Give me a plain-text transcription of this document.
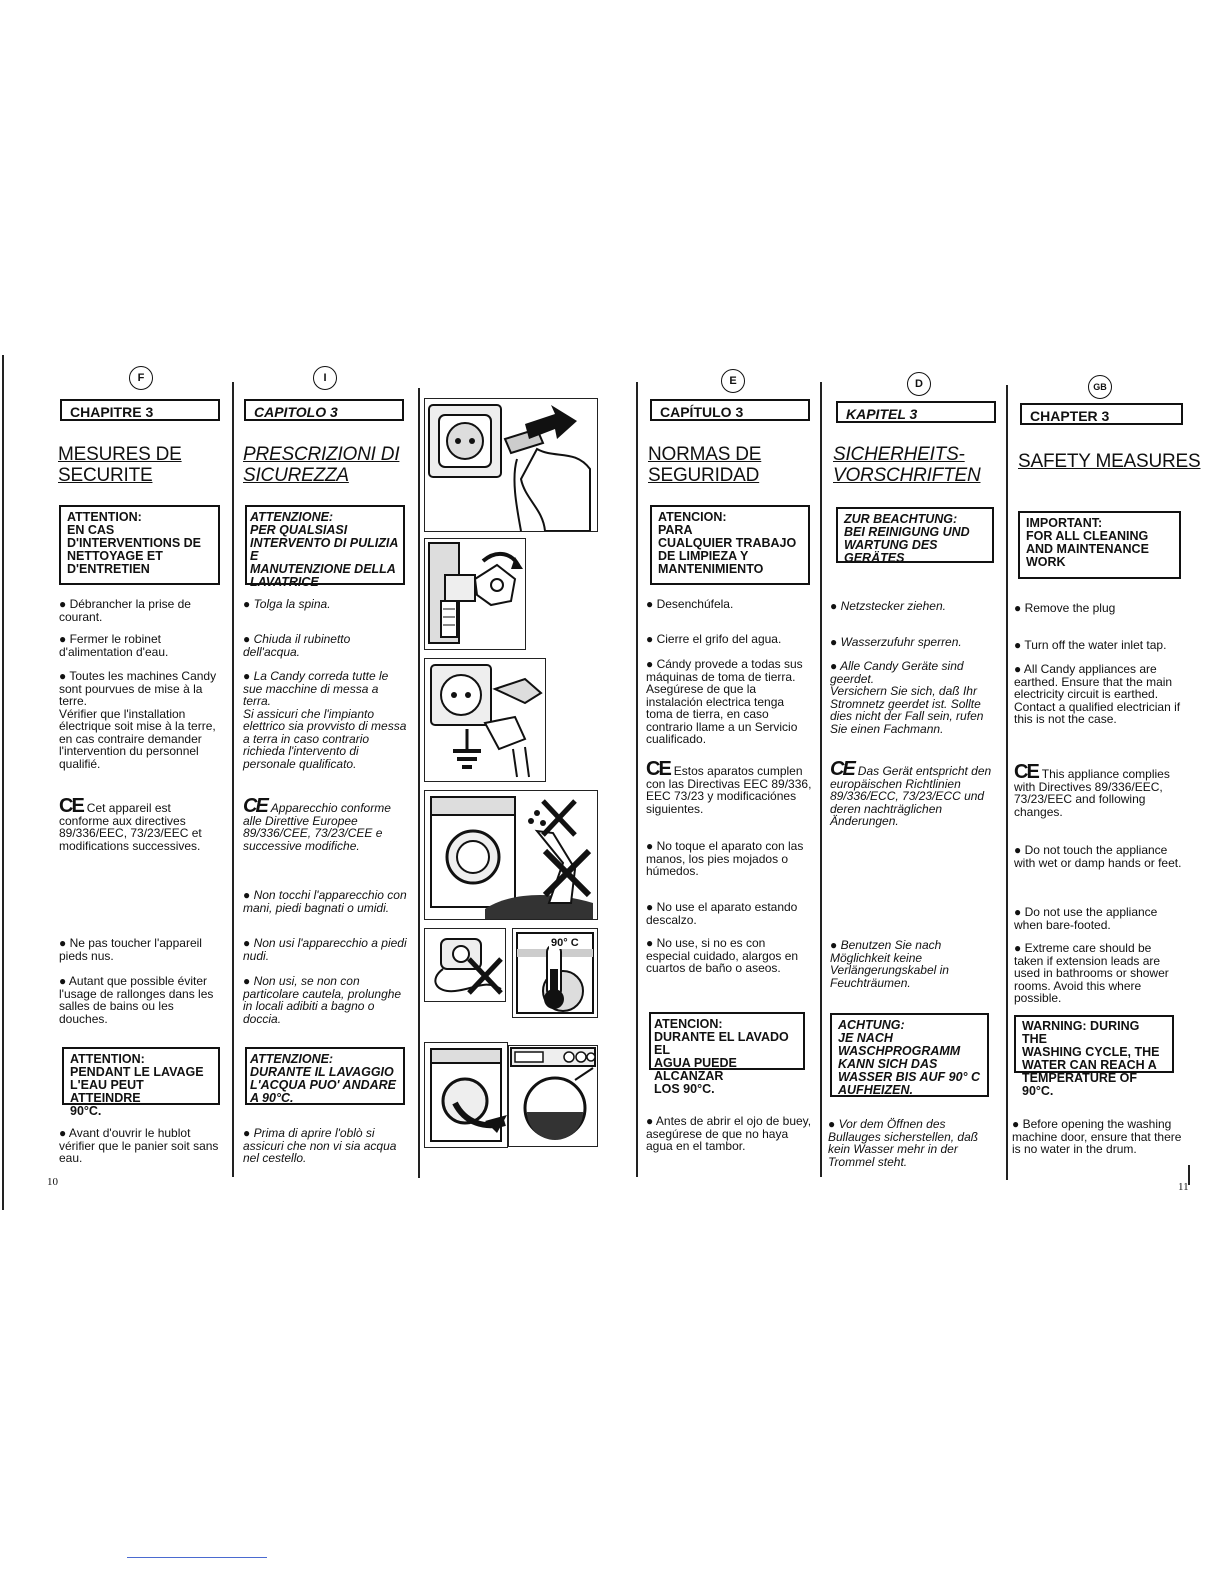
F
CHAPITRE 3
MESURES DE
SECURITE
ATTENTION:
EN CAS
D'INTERVENTIONS DE
NETTOYAGE ET
D'ENTRETIEN
● Débrancher la prise de courant.
● Fermer le robinet d'alimentation d'eau.
● Toutes les machines Candy sont pourvues de mise à la terre.
Vérifier que l'installation électrique soit mise à la terre, en cas contraire demander l'intervention du personnel qualifié.
CE Cet appareil est conforme aux directives 89/336/EEC, 73/23/EEC et modifications successives.
● Ne pas toucher l'appareil pieds nus.
● Autant que possible éviter l'usage de rallonges dans les salles de bains ou les douches.
ATTENTION:
PENDANT LE LAVAGE
L'EAU PEUT ATTEINDRE
90°C.
● Avant d'ouvrir le hublot vérifier que le panier soit sans eau.
10
I
CAPITOLO 3
PRESCRIZIONI DI
SICUREZZA
ATTENZIONE:
PER QUALSIASI
INTERVENTO DI PULIZIA E
MANUTENZIONE DELLA
LAVATRICE
● Tolga la spina.
● Chiuda il rubinetto dell'acqua.
● La Candy correda tutte le sue macchine di messa a terra.
Si assicuri che l'impianto elettrico sia provvisto di messa a terra in caso contrario richieda l'intervento di personale qualificato.
CE Apparecchio conforme alle Direttive Europee 89/336/CEE, 73/23/CEE e successive modifiche.
● Non tocchi l'apparecchio con mani, piedi bagnati o umidi.
● Non usi l'apparecchio a piedi nudi.
● Non usi, se non con particolare cautela, prolunghe in locali adibiti a bagno o doccia.
ATTENZIONE:
DURANTE IL LAVAGGIO
L'ACQUA PUO' ANDARE
A 90°C.
● Prima di aprire l'oblò si assicuri che non vi sia acqua nel cestello.
90° C
E
CAPÍTULO 3
NORMAS DE
SEGURIDAD
ATENCION:
PARA
CUALQUIER TRABAJO
DE LIMPIEZA Y
MANTENIMIENTO
● Desenchúfela.
● Cierre el grifo del agua.
● Cándy provede a todas sus máquinas de toma de tierra. Asegúrese de que la instalación electrica tenga toma de tierra, en caso contrario llame a un Servicio cualificado.
CE Estos aparatos cumplen con las Directivas EEC 89/336, EEC 73/23 y modificaciónes siguientes.
● No toque el aparato con las manos, los pies mojados o húmedos.
● No use el aparato estando descalzo.
● No use, si no es con especial cuidado, alargos en cuartos de baño o aseos.
ATENCION:
DURANTE EL LAVADO EL
AGUA PUEDE ALCANZAR
LOS 90°C.
● Antes de abrir el ojo de buey, asegúrese de que no haya agua en el tambor.
D
KAPITEL 3
SICHERHEITS-
VORSCHRIFTEN
ZUR BEACHTUNG:
BEI REINIGUNG UND
WARTUNG DES GERÄTES
● Netzstecker ziehen.
● Wasserzufuhr sperren.
● Alle Candy Geräte sind geerdet.
Versichern Sie sich, daß Ihr Stromnetz geerdet ist. Sollte dies nicht der Fall sein, rufen Sie einen Fachmann.
CE Das Gerät entspricht den europäischen Richtlinien 89/336/ECC, 73/23/ECC und deren nachträglichen Änderungen.
● Benutzen Sie nach Möglichkeit keine Verlängerungskabel in Feuchträumen.
ACHTUNG:
JE NACH
WASCHPROGRAMM
KANN SICH DAS
WASSER BIS AUF 90° C
AUFHEIZEN.
● Vor dem Öffnen des Bullauges sicherstellen, daß kein Wasser mehr in der Trommel steht.
GB
CHAPTER 3
SAFETY MEASURES
IMPORTANT:
FOR ALL CLEANING
AND MAINTENANCE
WORK
● Remove the plug
● Turn off the water inlet tap.
● All Candy appliances are earthed. Ensure that the main electricity circuit is earthed. Contact a qualified electrician if this is not the case.
CE This appliance complies with Directives 89/336/EEC, 73/23/EEC and following changes.
● Do not touch the appliance with wet or damp hands or feet.
● Do not use the appliance when bare-footed.
● Extreme care should be taken if extension leads are used in bathrooms or shower rooms. Avoid this where possible.
WARNING: DURING THE
WASHING CYCLE, THE
WATER CAN REACH A
TEMPERATURE OF 90°C.
● Before opening the washing machine door, ensure that there is no water in the drum.
11
